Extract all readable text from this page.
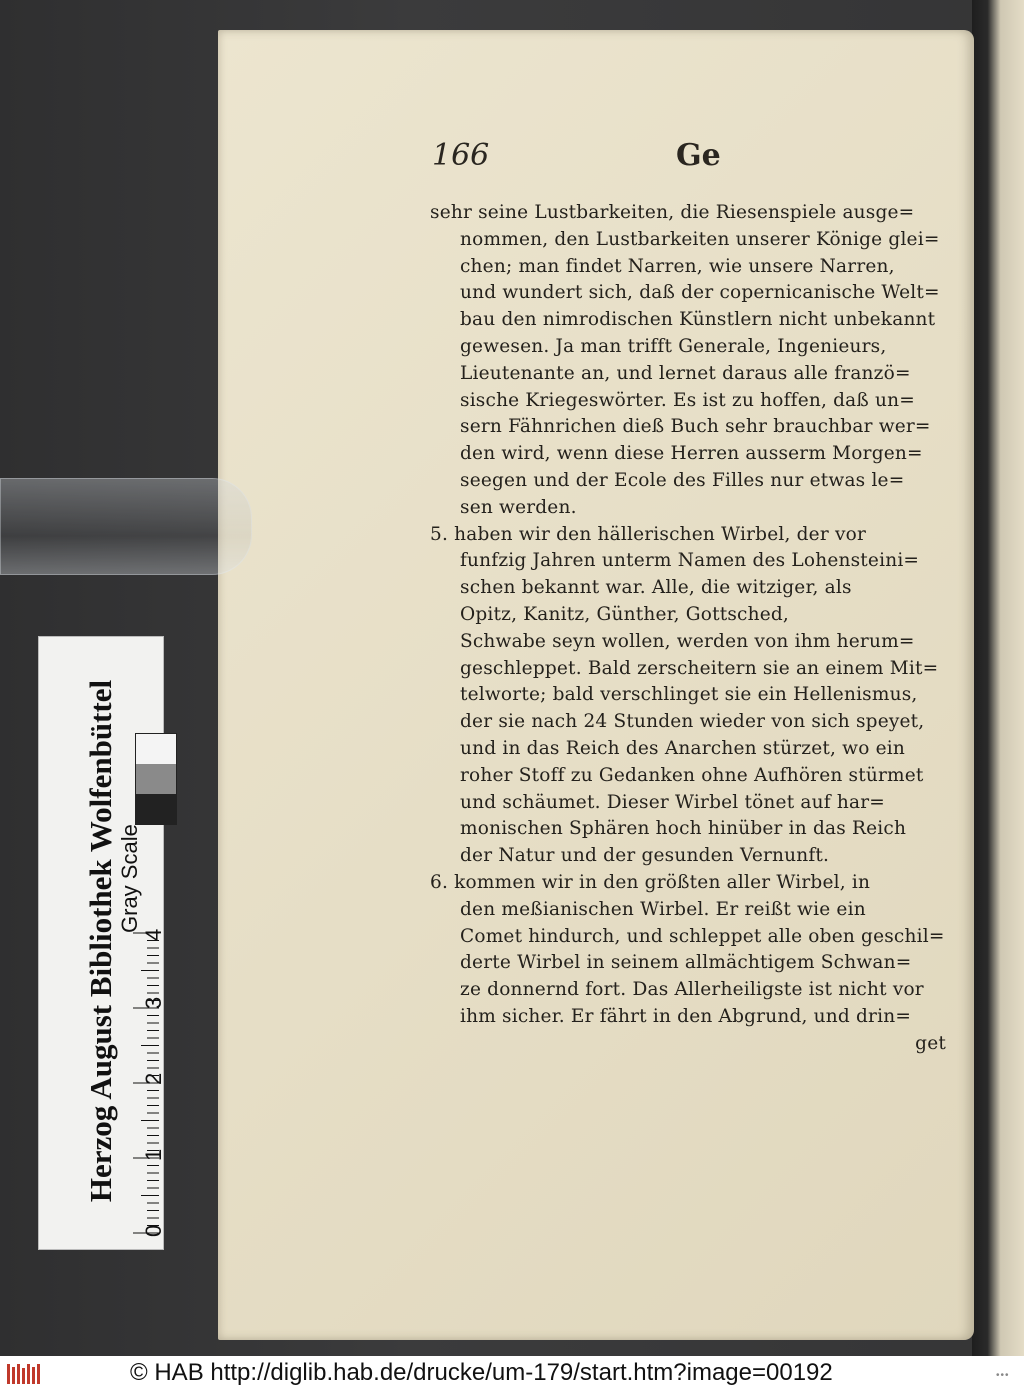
166	Ge
sehr seine Lustbarkeiten, die Riesenspiele ausge=
nommen, den Lustbarkeiten unserer Könige glei=
chen; man findet Narren, wie unsere Narren,
und wundert sich, daß der copernicanische Welt=
bau den nimrodischen Künstlern nicht unbekannt
gewesen. Ja man trifft Generale, Ingenieurs,
Lieutenante an, und lernet daraus alle franzö=
sische Kriegeswörter. Es ist zu hoffen, daß un=
sern Fähnrichen dieß Buch sehr brauchbar wer=
den wird, wenn diese Herren ausserm Morgen=
seegen und der Ecole des Filles nur etwas le=
sen werden.
5. haben wir den hällerischen Wirbel, der vor
funfzig Jahren unterm Namen des Lohensteini=
schen bekannt war. Alle, die witziger, als
Opitz, Kanitz, Günther, Gottsched,
Schwabe seyn wollen, werden von ihm herum=
geschleppet. Bald zerscheitern sie an einem Mit=
telworte; bald verschlinget sie ein Hellenismus,
der sie nach 24 Stunden wieder von sich speyet,
und in das Reich des Anarchen stürzet, wo ein
roher Stoff zu Gedanken ohne Aufhören stürmet
und schäumet. Dieser Wirbel tönet auf har=
monischen Sphären hoch hinüber in das Reich
der Natur und der gesunden Vernunft.
6. kommen wir in den größten aller Wirbel, in
den meßianischen Wirbel. Er reißt wie ein
Comet hindurch, und schleppet alle oben geschil=
derte Wirbel in seinem allmächtigem Schwan=
ze donnernd fort. Das Allerheiligste ist nicht vor
ihm sicher. Er fährt in den Abgrund, und drin=
get
Herzog August Bibliothek Wolfenbüttel Gray Scale
0
1
2
3
4
© HAB http://diglib.hab.de/drucke/um-179/start.htm?image=00192	•••
